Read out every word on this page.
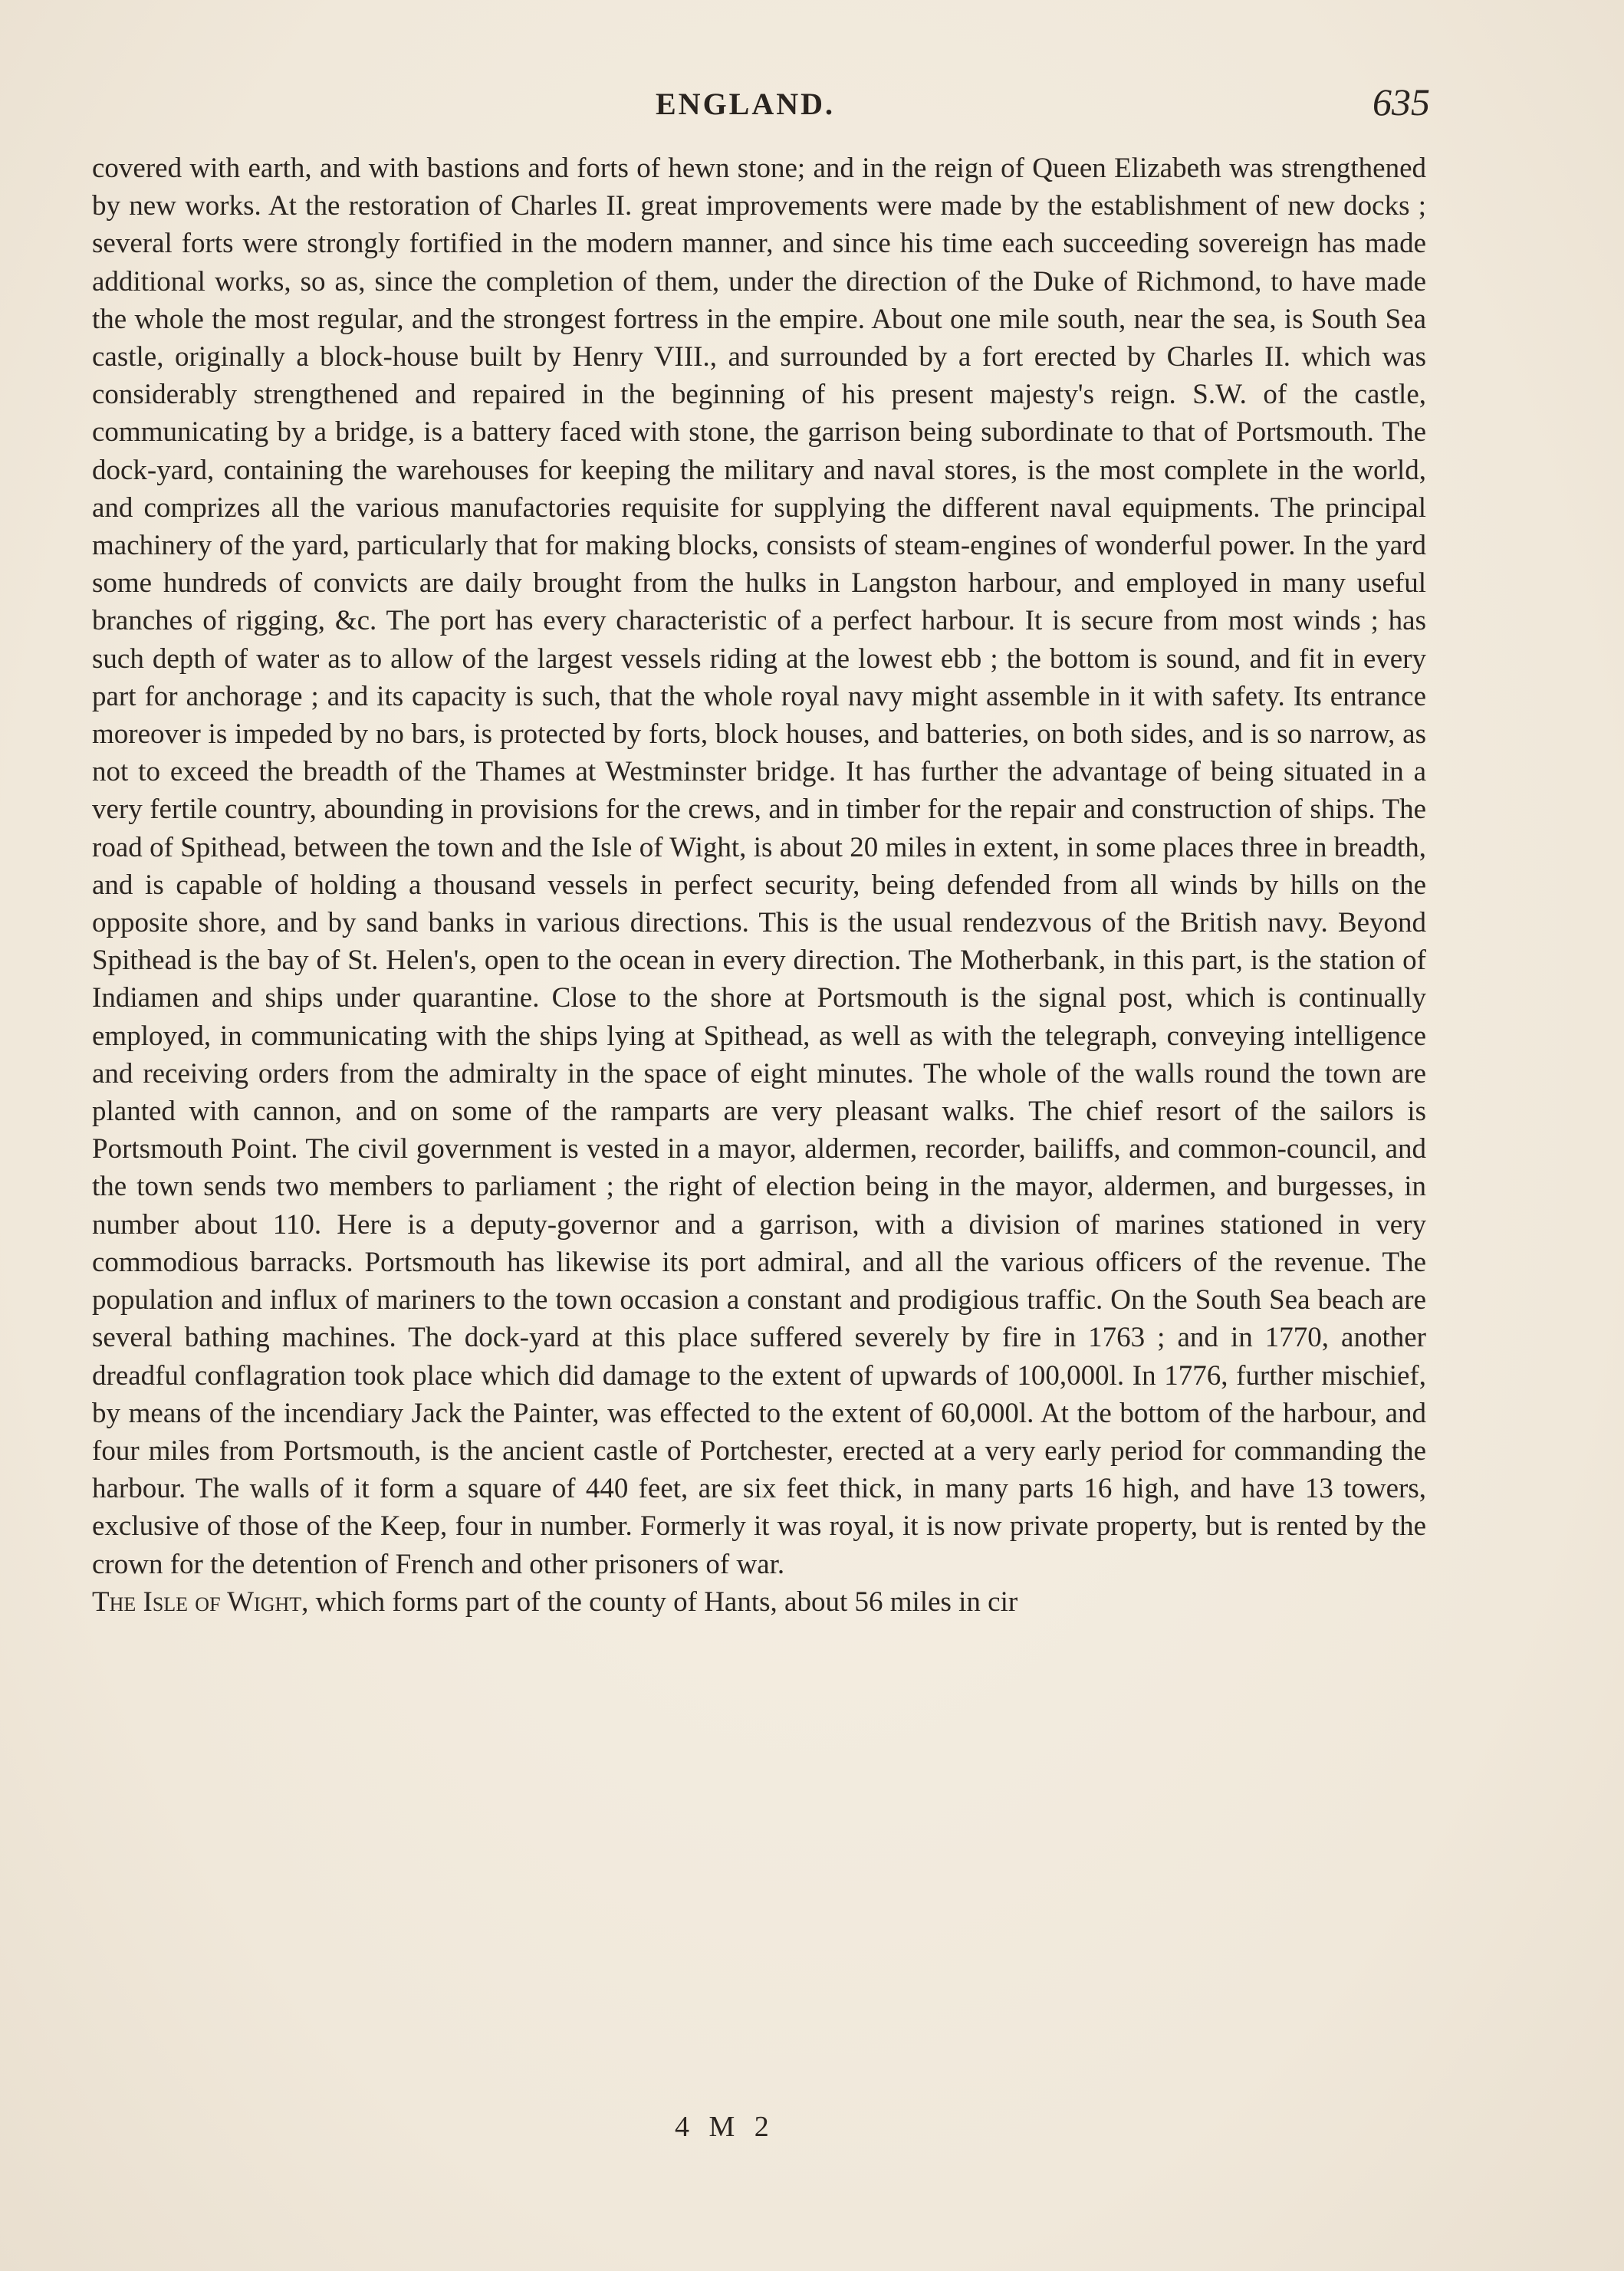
ENGLAND.	635

covered with earth, and with bastions and forts of hewn stone; and in the reign of Queen Elizabeth was strengthened by new works. At the restoration of Charles II. great improvements were made by the establishment of new docks ; several forts were strongly fortified in the modern manner, and since his time each succeeding sovereign has made additional works, so as, since the completion of them, under the direction of the Duke of Richmond, to have made the whole the most regular, and the strongest fortress in the empire. About one mile south, near the sea, is South Sea castle, originally a block-house built by Henry VIII., and surrounded by a fort erected by Charles II. which was considerably strengthened and repaired in the beginning of his present majesty's reign. S.W. of the castle, communicating by a bridge, is a battery faced with stone, the garrison being subordinate to that of Portsmouth. The dock-yard, containing the warehouses for keeping the military and naval stores, is the most complete in the world, and comprizes all the various manufactories requisite for supplying the different naval equipments. The principal machinery of the yard, particularly that for making blocks, consists of steam-engines of wonderful power. In the yard some hundreds of convicts are daily brought from the hulks in Langston harbour, and employed in many useful branches of rigging, &c. The port has every characteristic of a perfect harbour. It is secure from most winds ; has such depth of water as to allow of the largest vessels riding at the lowest ebb ; the bottom is sound, and fit in every part for anchorage ; and its capacity is such, that the whole royal navy might assemble in it with safety. Its entrance moreover is impeded by no bars, is protected by forts, block houses, and batteries, on both sides, and is so narrow, as not to exceed the breadth of the Thames at Westminster bridge. It has further the advantage of being situated in a very fertile country, abounding in provisions for the crews, and in timber for the repair and construction of ships. The road of Spithead, between the town and the Isle of Wight, is about 20 miles in extent, in some places three in breadth, and is capable of holding a thousand vessels in perfect security, being defended from all winds by hills on the opposite shore, and by sand banks in various directions. This is the usual rendezvous of the British navy. Beyond Spithead is the bay of St. Helen's, open to the ocean in every direction. The Motherbank, in this part, is the station of Indiamen and ships under quarantine. Close to the shore at Portsmouth is the signal post, which is continually employed, in communicating with the ships lying at Spithead, as well as with the telegraph, conveying intelligence and receiving orders from the admiralty in the space of eight minutes. The whole of the walls round the town are planted with cannon, and on some of the ramparts are very pleasant walks. The chief resort of the sailors is Portsmouth Point. The civil government is vested in a mayor, aldermen, recorder, bailiffs, and common-council, and the town sends two members to parliament ; the right of election being in the mayor, aldermen, and burgesses, in number about 110. Here is a deputy-governor and a garrison, with a division of marines stationed in very commodious barracks. Portsmouth has likewise its port admiral, and all the various officers of the revenue. The population and influx of mariners to the town occasion a constant and prodigious traffic. On the South Sea beach are several bathing machines. The dock-yard at this place suffered severely by fire in 1763 ; and in 1770, another dreadful conflagration took place which did damage to the extent of upwards of 100,000l. In 1776, further mischief, by means of the incendiary Jack the Painter, was effected to the extent of 60,000l. At the bottom of the harbour, and four miles from Portsmouth, is the ancient castle of Portchester, erected at a very early period for commanding the harbour. The walls of it form a square of 440 feet, are six feet thick, in many parts 16 high, and have 13 towers, exclusive of those of the Keep, four in number. Formerly it was royal, it is now private property, but is rented by the crown for the detention of French and other prisoners of war.

The Isle of Wight, which forms part of the county of Hants, about 56 miles in cir

4 M 2
